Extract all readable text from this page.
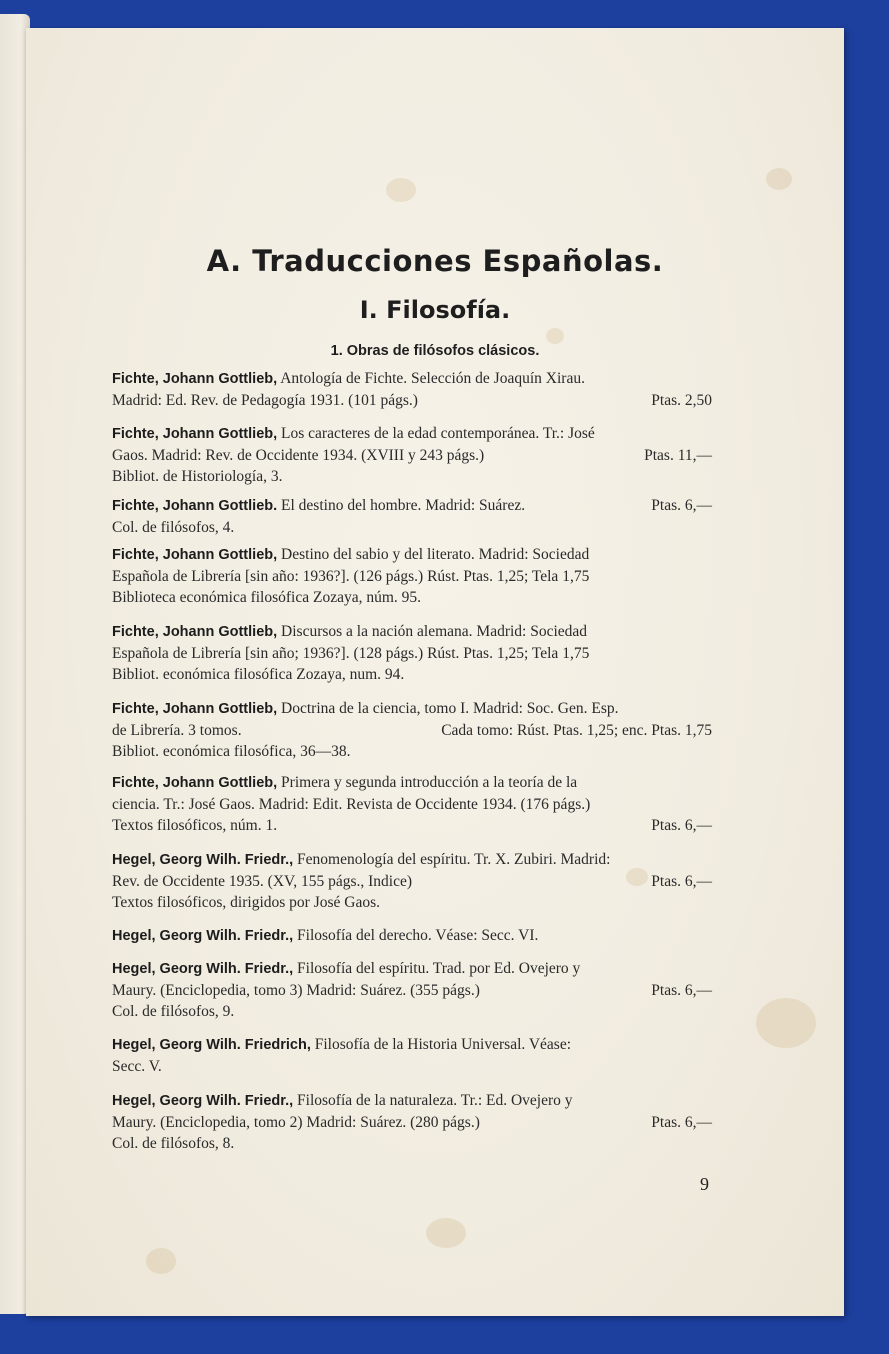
A. Traducciones Españolas.
I. Filosofía.
1. Obras de filósofos clásicos.
Fichte, Johann Gottlieb, Antología de Fichte. Selección de Joaquín Xirau.
Madrid: Ed. Rev. de Pedagogía 1931. (101 págs.)	Ptas. 2,50
Fichte, Johann Gottlieb, Los caracteres de la edad contemporánea. Tr.: José
Gaos. Madrid: Rev. de Occidente 1934. (XVIII y 243 págs.)	Ptas. 11,—
Bibliot. de Historiología, 3.
Fichte, Johann Gottlieb. El destino del hombre. Madrid: Suárez.	Ptas. 6,—
Col. de filósofos, 4.
Fichte, Johann Gottlieb, Destino del sabio y del literato. Madrid: Sociedad
Española de Librería [sin año: 1936?]. (126 págs.) Rúst. Ptas. 1,25; Tela 1,75
Biblioteca económica filosófica Zozaya, núm. 95.
Fichte, Johann Gottlieb, Discursos a la nación alemana. Madrid: Sociedad
Española de Librería [sin año; 1936?]. (128 págs.) Rúst. Ptas. 1,25; Tela 1,75
Bibliot. económica filosófica Zozaya, num. 94.
Fichte, Johann Gottlieb, Doctrina de la ciencia, tomo I. Madrid: Soc. Gen. Esp.
de Librería. 3 tomos.	Cada tomo: Rúst. Ptas. 1,25; enc. Ptas. 1,75
Bibliot. económica filosófica, 36—38.
Fichte, Johann Gottlieb, Primera y segunda introducción a la teoría de la
ciencia. Tr.: José Gaos. Madrid: Edit. Revista de Occidente 1934. (176 págs.)
Textos filosóficos, núm. 1.	Ptas. 6,—
Hegel, Georg Wilh. Friedr., Fenomenología del espíritu. Tr. X. Zubiri. Madrid:
Rev. de Occidente 1935. (XV, 155 págs., Indice)	Ptas. 6,—
Textos filosóficos, dirigidos por José Gaos.
Hegel, Georg Wilh. Friedr., Filosofía del derecho. Véase: Secc. VI.
Hegel, Georg Wilh. Friedr., Filosofía del espíritu. Trad. por Ed. Ovejero y
Maury. (Enciclopedia, tomo 3) Madrid: Suárez. (355 págs.)	Ptas. 6,—
Col. de filósofos, 9.
Hegel, Georg Wilh. Friedrich, Filosofía de la Historia Universal. Véase:
Secc. V.
Hegel, Georg Wilh. Friedr., Filosofía de la naturaleza. Tr.: Ed. Ovejero y
Maury. (Enciclopedia, tomo 2) Madrid: Suárez. (280 págs.)	Ptas. 6,—
Col. de filósofos, 8.
9
